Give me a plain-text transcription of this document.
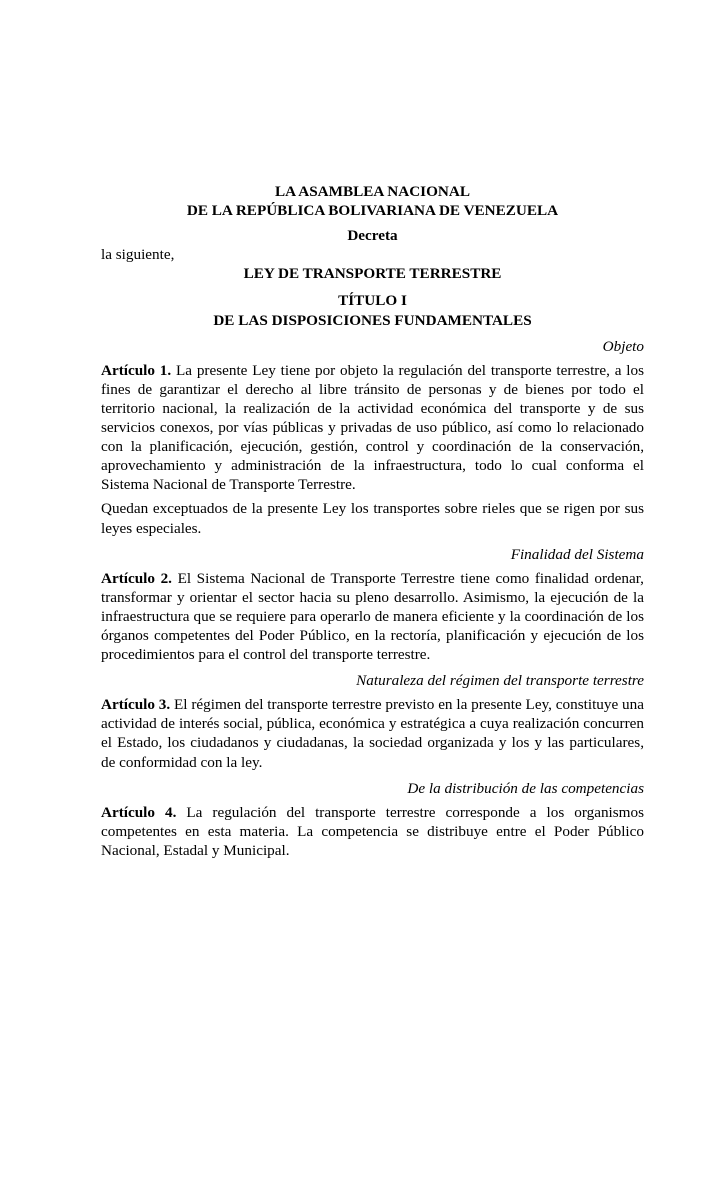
LA ASAMBLEA NACIONAL

DE LA REPÚBLICA BOLIVARIANA DE VENEZUELA

Decreta

la siguiente,

LEY DE TRANSPORTE TERRESTRE

TÍTULO I

DE LAS DISPOSICIONES FUNDAMENTALES

Objeto

Artículo 1. La presente Ley tiene por objeto la regulación del transporte terrestre, a los fines de garantizar el derecho al libre tránsito de personas y de bienes por todo el territorio nacional, la realización de la actividad económica del transporte y de sus servicios conexos, por vías públicas y privadas de uso público, así como lo relacionado con la planificación, ejecución, gestión, control y coordinación de la conservación, aprovechamiento y administración de la infraestructura, todo lo cual conforma el Sistema Nacional de Transporte Terrestre.

Quedan exceptuados de la presente Ley los transportes sobre rieles que se rigen por sus leyes especiales.

Finalidad del Sistema

Artículo 2. El Sistema Nacional de Transporte Terrestre tiene como finalidad ordenar, transformar y orientar el sector hacia su pleno desarrollo. Asimismo, la ejecución de la infraestructura que se requiere para operarlo de manera eficiente y la coordinación de los órganos competentes del Poder Público, en la rectoría, planificación y ejecución de los procedimientos para el control del transporte terrestre.

Naturaleza del régimen del transporte terrestre

Artículo 3. El régimen del transporte terrestre previsto en la presente Ley, constituye una actividad de interés social, pública, económica y estratégica a cuya realización concurren el Estado, los ciudadanos y ciudadanas, la sociedad organizada y los y las particulares, de conformidad con la ley.

De la distribución de las competencias

Artículo 4. La regulación del transporte terrestre corresponde a los organismos competentes en esta materia. La competencia se distribuye entre el Poder Público Nacional, Estadal y Municipal.
